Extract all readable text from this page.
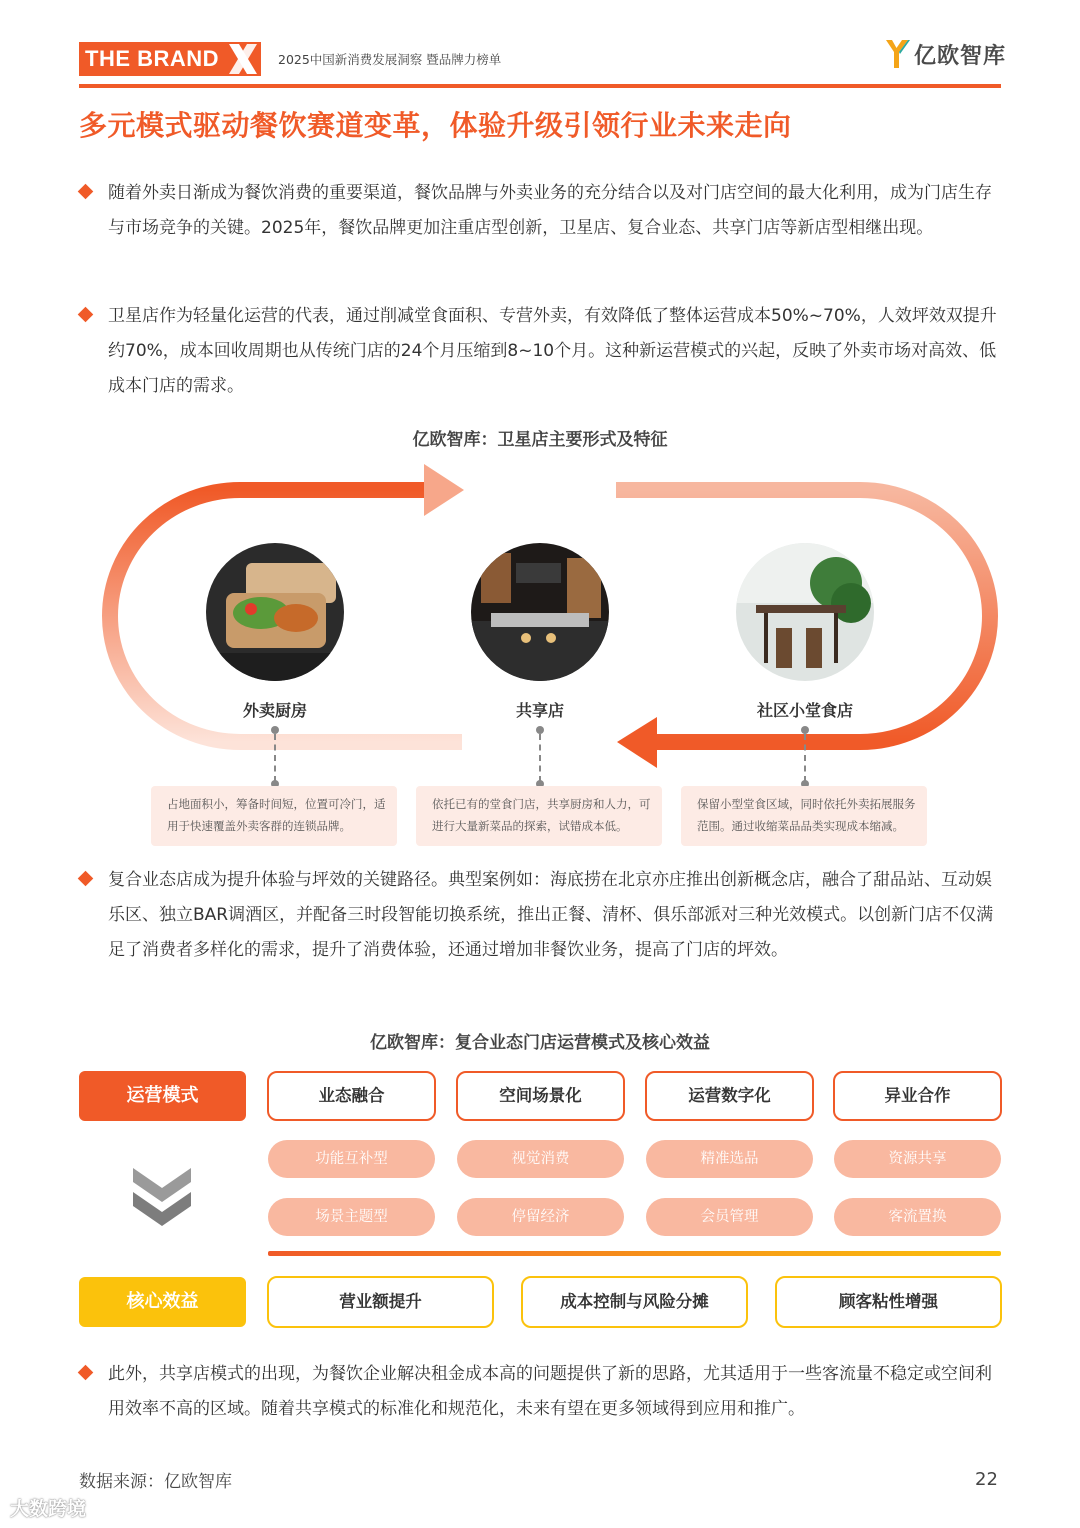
THE BRAND	2025中国新消费发展洞察 暨品牌力榜单	亿欧智库
多元模式驱动餐饮赛道变革，体验升级引领行业未来走向
随着外卖日渐成为餐饮消费的重要渠道，餐饮品牌与外卖业务的充分结合以及对门店空间的最大化利用，成为门店生存与市场竞争的关键。2025年，餐饮品牌更加注重店型创新，卫星店、复合业态、共享门店等新店型相继出现。
卫星店作为轻量化运营的代表，通过削减堂食面积、专营外卖，有效降低了整体运营成本50%~70%，人效坪效双提升约70%，成本回收周期也从传统门店的24个月压缩到8~10个月。这种新运营模式的兴起，反映了外卖市场对高效、低成本门店的需求。
亿欧智库：卫星店主要形式及特征
外卖厨房	共享店	社区小堂食店
占地面积小，筹备时间短，位置可冷门，适用于快速覆盖外卖客群的连锁品牌。
依托已有的堂食门店，共享厨房和人力，可进行大量新菜品的探索，试错成本低。
保留小型堂食区域，同时依托外卖拓展服务范围。通过收缩菜品品类实现成本缩减。
复合业态店成为提升体验与坪效的关键路径。典型案例如：海底捞在北京亦庄推出创新概念店，融合了甜品站、互动娱乐区、独立BAR调酒区，并配备三时段智能切换系统，推出正餐、清杯、俱乐部派对三种光效模式。以创新门店不仅满足了消费者多样化的需求，提升了消费体验，还通过增加非餐饮业务，提高了门店的坪效。
亿欧智库：复合业态门店运营模式及核心效益
运营模式	业态融合	空间场景化	运营数字化	异业合作
功能互补型	视觉消费	精准选品	资源共享
场景主题型	停留经济	会员管理	客流置换
核心效益	营业额提升	成本控制与风险分摊	顾客粘性增强
此外，共享店模式的出现，为餐饮企业解决租金成本高的问题提供了新的思路，尤其适用于一些客流量不稳定或空间利用效率不高的区域。随着共享模式的标准化和规范化，未来有望在更多领域得到应用和推广。
数据来源：亿欧智库	22
大数跨境
